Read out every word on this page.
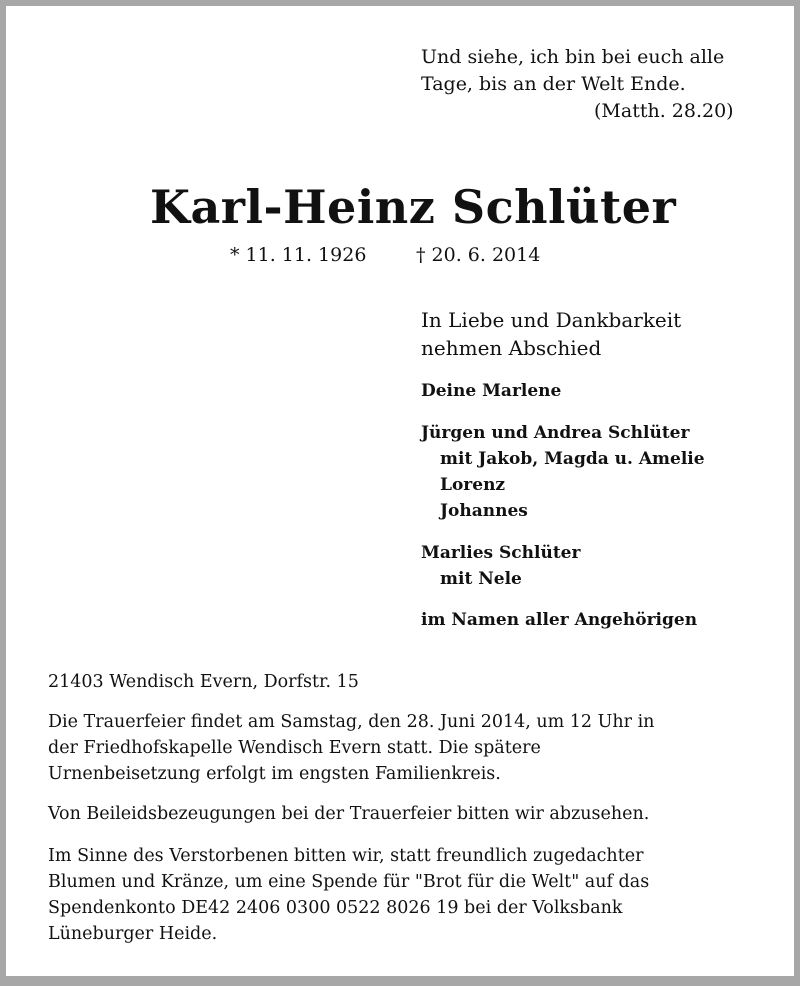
Und siehe, ich bin bei euch alle
Tage, bis an der Welt Ende.
(Matth. 28.20)
Karl-Heinz Schlüter
* 11. 11. 1926	† 20. 6. 2014
In Liebe und Dankbarkeit
nehmen Abschied
Deine Marlene
Jürgen und Andrea Schlüter
mit Jakob, Magda u. Amelie
Lorenz
Johannes
Marlies Schlüter
mit Nele
im Namen aller Angehörigen
21403 Wendisch Evern, Dorfstr. 15
Die Trauerfeier findet am Samstag, den 28. Juni 2014, um 12 Uhr in
der Friedhofskapelle Wendisch Evern statt. Die spätere
Urnenbeisetzung erfolgt im engsten Familienkreis.
Von Beileidsbezeugungen bei der Trauerfeier bitten wir abzusehen.
Im Sinne des Verstorbenen bitten wir, statt freundlich zugedachter
Blumen und Kränze, um eine Spende für "Brot für die Welt" auf das
Spendenkonto DE42 2406 0300 0522 8026 19 bei der Volksbank
Lüneburger Heide.
